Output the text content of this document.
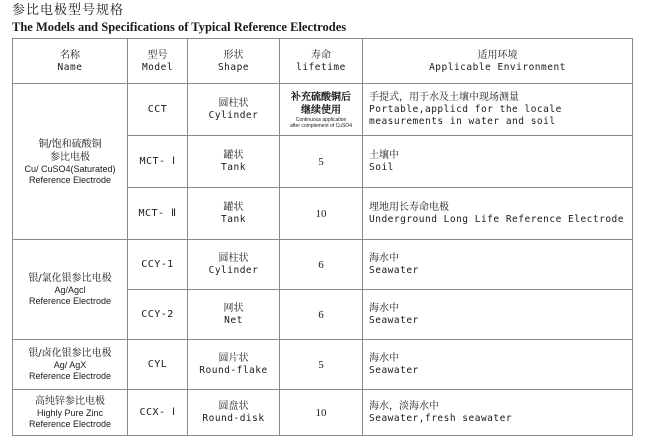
参比电极型号规格
The Models and Specifications of Typical Reference Electrodes
名称
Name	型号
Model	形状
Shape	寿命
lifetime	适用环境
Applicable Environment

铜/饱和硫酸铜
参比电极
Cu/ CuSO4(Saturated)
Reference Electrode	CCT	圆柱状
Cylinder	补充硫酸铜后
继续使用
Continuous application
after complement of CuSO4	手提式，用于水及土壤中现场测量
Portable,applicd for the locale
measurements in water and soil

	MCT- Ⅰ	罐状
Tank	5	土壤中
Soil

	MCT- Ⅱ	罐状
Tank	10	埋地用长寿命电极
Underground Long Life Reference Electrode

银/氯化银参比电极
Ag/Agcl
Reference Electrode	CCY-1	圆柱状
Cylinder	6	海水中
Seawater

	CCY-2	网状
Net	6	海水中
Seawater

银/卤化银参比电极
Ag/ AgX
Reference Electrode	CYL	圆片状
Round-flake	5	海水中
Seawater

高纯锌参比电极
Highly Pure Zinc
Reference Electrode	CCX- Ⅰ	圆盘状
Round-disk	10	海水，淡海水中
Seawater,fresh seawater
